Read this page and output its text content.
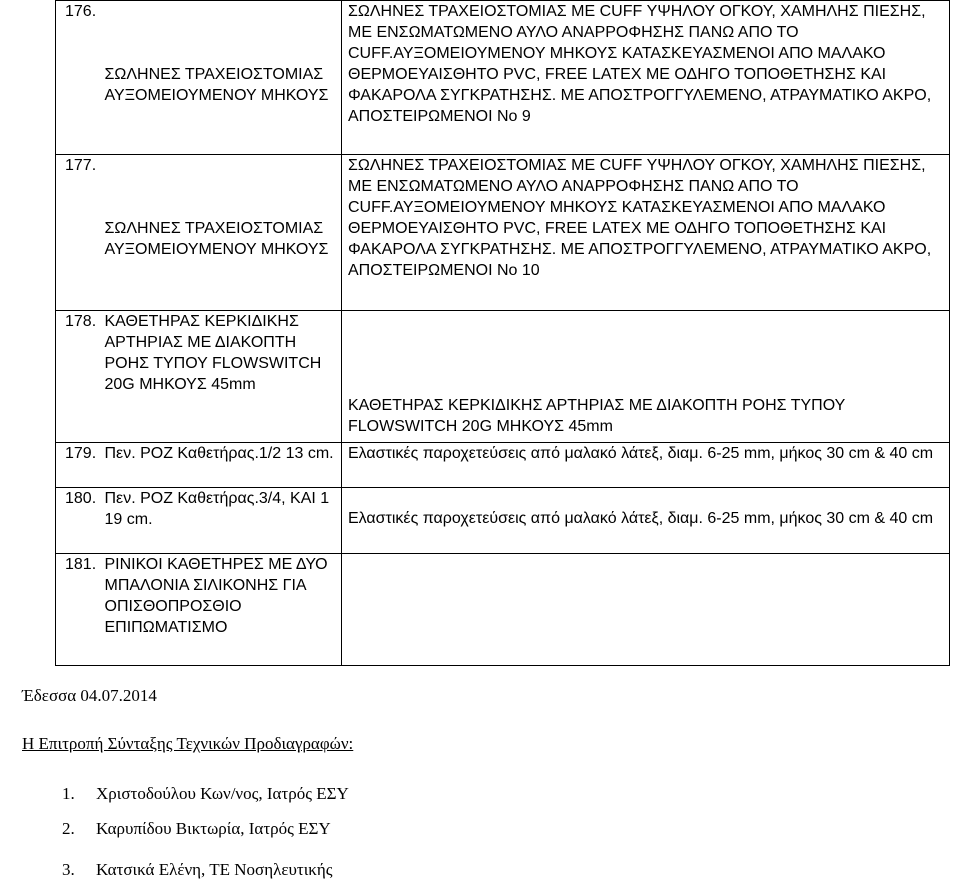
176.	ΣΩΛΗΝΕΣ ΤΡΑΧΕΙΟΣΤΟΜΙΑΣ ΑΥΞΟΜΕΙΟΥΜΕΝΟΥ ΜΗΚΟΥΣ	ΣΩΛΗΝΕΣ ΤΡΑΧΕΙΟΣΤΟΜΙΑΣ ΜΕ CUFF ΥΨΗΛΟΥ ΟΓΚΟΥ, ΧΑΜΗΛΗΣ ΠΙΕΣΗΣ, ΜΕ ΕΝΣΩΜΑΤΩΜΕΝΟ ΑΥΛΟ ΑΝΑΡΡΟΦΗΣΗΣ ΠΑΝΩ ΑΠΟ ΤΟ CUFF.ΑΥΞΟΜΕΙΟΥΜΕΝΟΥ ΜΗΚΟΥΣ ΚΑΤΑΣΚΕΥΑΣΜΕΝΟΙ ΑΠΟ ΜΑΛΑΚΟ ΘΕΡΜΟΕΥΑΙΣΘΗΤΟ PVC, FREE LATEX ΜΕ ΟΔΗΓΟ ΤΟΠΟΘΕΤΗΣΗΣ ΚΑΙ ΦΑΚΑΡΟΛΑ ΣΥΓΚΡΑΤΗΣΗΣ. ΜΕ ΑΠΟΣΤΡΟΓΓΥΛΕΜΕΝΟ, ΑΤΡΑΥΜΑΤΙΚΟ ΑΚΡΟ, ΑΠΟΣΤΕΙΡΩΜΕΝΟΙ Νο 9

177.	ΣΩΛΗΝΕΣ ΤΡΑΧΕΙΟΣΤΟΜΙΑΣ ΑΥΞΟΜΕΙΟΥΜΕΝΟΥ ΜΗΚΟΥΣ	ΣΩΛΗΝΕΣ ΤΡΑΧΕΙΟΣΤΟΜΙΑΣ ΜΕ CUFF ΥΨΗΛΟΥ ΟΓΚΟΥ, ΧΑΜΗΛΗΣ ΠΙΕΣΗΣ, ΜΕ ΕΝΣΩΜΑΤΩΜΕΝΟ ΑΥΛΟ ΑΝΑΡΡΟΦΗΣΗΣ ΠΑΝΩ ΑΠΟ ΤΟ CUFF.ΑΥΞΟΜΕΙΟΥΜΕΝΟΥ ΜΗΚΟΥΣ ΚΑΤΑΣΚΕΥΑΣΜΕΝΟΙ ΑΠΟ ΜΑΛΑΚΟ ΘΕΡΜΟΕΥΑΙΣΘΗΤΟ PVC, FREE LATEX ΜΕ ΟΔΗΓΟ ΤΟΠΟΘΕΤΗΣΗΣ ΚΑΙ ΦΑΚΑΡΟΛΑ ΣΥΓΚΡΑΤΗΣΗΣ. ΜΕ ΑΠΟΣΤΡΟΓΓΥΛΕΜΕΝΟ, ΑΤΡΑΥΜΑΤΙΚΟ ΑΚΡΟ, ΑΠΟΣΤΕΙΡΩΜΕΝΟΙ Νο 10

178.	ΚΑΘΕΤΗΡΑΣ ΚΕΡΚΙΔΙΚΗΣ ΑΡΤΗΡΙΑΣ ΜΕ ΔΙΑΚΟΠΤΗ ΡΟΗΣ ΤΥΠΟΥ FLOWSWITCH 20G ΜΗΚΟΥΣ 45mm	ΚΑΘΕΤΗΡΑΣ ΚΕΡΚΙΔΙΚΗΣ ΑΡΤΗΡΙΑΣ ΜΕ ΔΙΑΚΟΠΤΗ ΡΟΗΣ ΤΥΠΟΥ FLOWSWITCH 20G ΜΗΚΟΥΣ 45mm

179.	Πεν. ΡΟΖ Καθετήρας.1/2 13 cm.	Ελαστικές παροχετεύσεις από μαλακό λάτεξ, διαμ. 6-25 mm, μήκος 30 cm & 40 cm

180.	Πεν. ΡΟΖ Καθετήρας.3/4, ΚΑΙ 1 19 cm.	Ελαστικές παροχετεύσεις από μαλακό λάτεξ, διαμ. 6-25 mm, μήκος 30 cm & 40 cm

181.	ΡΙΝΙΚΟΙ ΚΑΘΕΤΗΡΕΣ ΜΕ ΔΥΟ ΜΠΑΛΟΝΙΑ ΣΙΛΙΚΟΝΗΣ ΓΙΑ ΟΠΙΣΘΟΠΡΟΣΘΙΟ ΕΠΙΠΩΜΑΤΙΣΜΟ	

Έδεσσα 04.07.2014
Η Επιτροπή Σύνταξης Τεχνικών Προδιαγραφών:
1. Χριστοδούλου Κων/νος, Ιατρός ΕΣΥ
2. Καρυπίδου Βικτωρία, Ιατρός ΕΣΥ
3. Κατσικά Ελένη, ΤΕ Νοσηλευτικής
